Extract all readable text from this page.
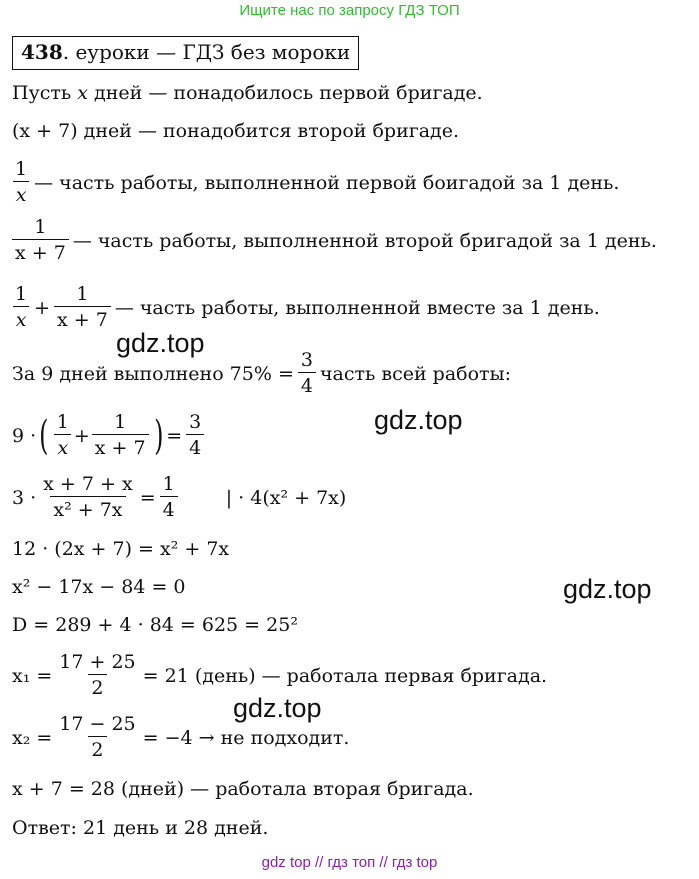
Ищите нас по запросу ГДЗ ТОП
438. еуроки — ГДЗ без мороки
Пусть x дней — понадобилось первой бригаде.
(x + 7) дней — понадобится второй бригаде.
$\frac{1}{x}$ — часть работы, выполненной первой боигадой за 1 день.
$\frac{1}{x + 7}$ — часть работы, выполненной второй бригадой за 1 день.
$\frac{1}{x} + \frac{1}{x + 7}$ — часть работы, выполненной вместе за 1 день.
За 9 дней выполнено $75\% = \frac{3}{4}$ часть всей работы:
9 · ( $\frac{1}{x} + \frac{1}{x + 7}$ ) = $\frac{3}{4}$
$3 \cdot \frac{x + 7 + x}{\text{x² + 7x}} = \frac{1}{4}$	| · 4(x² + 7x)
12 · (2x + 7) = x² + 7x
x² − 17x − 84 = 0
D = 289 + 4 · 84 = 625 = 25²
$x_1 = \frac{17 + 25}{2} = 21$ (день) — работала первая бригада.
$x_2 = \frac{17 - 25}{2} = -4$ → не подходит.
x + 7 = 28 (дней) — работала вторая бригада.
Ответ: 21 день и 28 дней.
gdz.top
gdz.top
gdz.top
gdz.top
gdz top // гдз топ // гдз top
